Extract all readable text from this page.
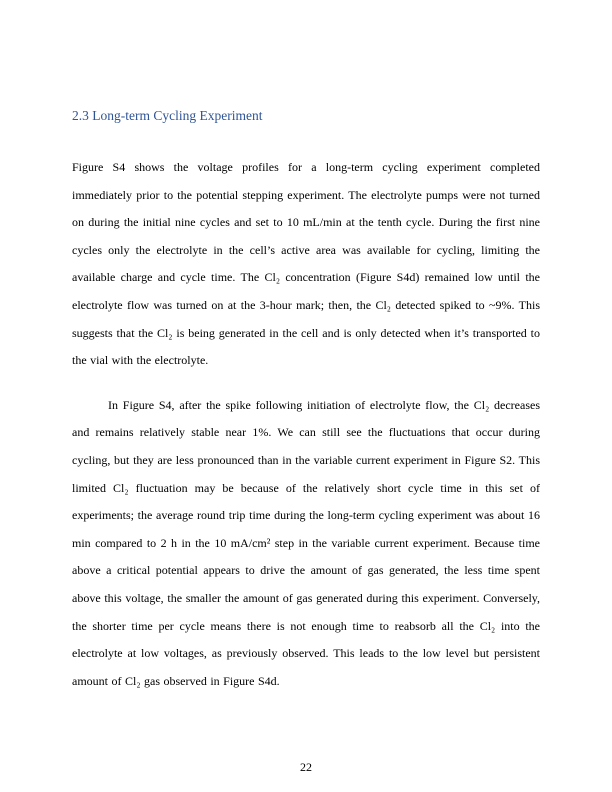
2.3 Long-term Cycling Experiment

Figure S4 shows the voltage profiles for a long-term cycling experiment completed immediately prior to the potential stepping experiment. The electrolyte pumps were not turned on during the initial nine cycles and set to 10 mL/min at the tenth cycle. During the first nine cycles only the electrolyte in the cell’s active area was available for cycling, limiting the available charge and cycle time. The Cl₂ concentration (Figure S4d) remained low until the electrolyte flow was turned on at the 3-hour mark; then, the Cl₂ detected spiked to ~9%. This suggests that the Cl₂ is being generated in the cell and is only detected when it’s transported to the vial with the electrolyte.

In Figure S4, after the spike following initiation of electrolyte flow, the Cl₂ decreases and remains relatively stable near 1%. We can still see the fluctuations that occur during cycling, but they are less pronounced than in the variable current experiment in Figure S2. This limited Cl₂ fluctuation may be because of the relatively short cycle time in this set of experiments; the average round trip time during the long-term cycling experiment was about 16 min compared to 2 h in the 10 mA/cm² step in the variable current experiment. Because time above a critical potential appears to drive the amount of gas generated, the less time spent above this voltage, the smaller the amount of gas generated during this experiment. Conversely, the shorter time per cycle means there is not enough time to reabsorb all the Cl₂ into the electrolyte at low voltages, as previously observed. This leads to the low level but persistent amount of Cl₂ gas observed in Figure S4d.

22
